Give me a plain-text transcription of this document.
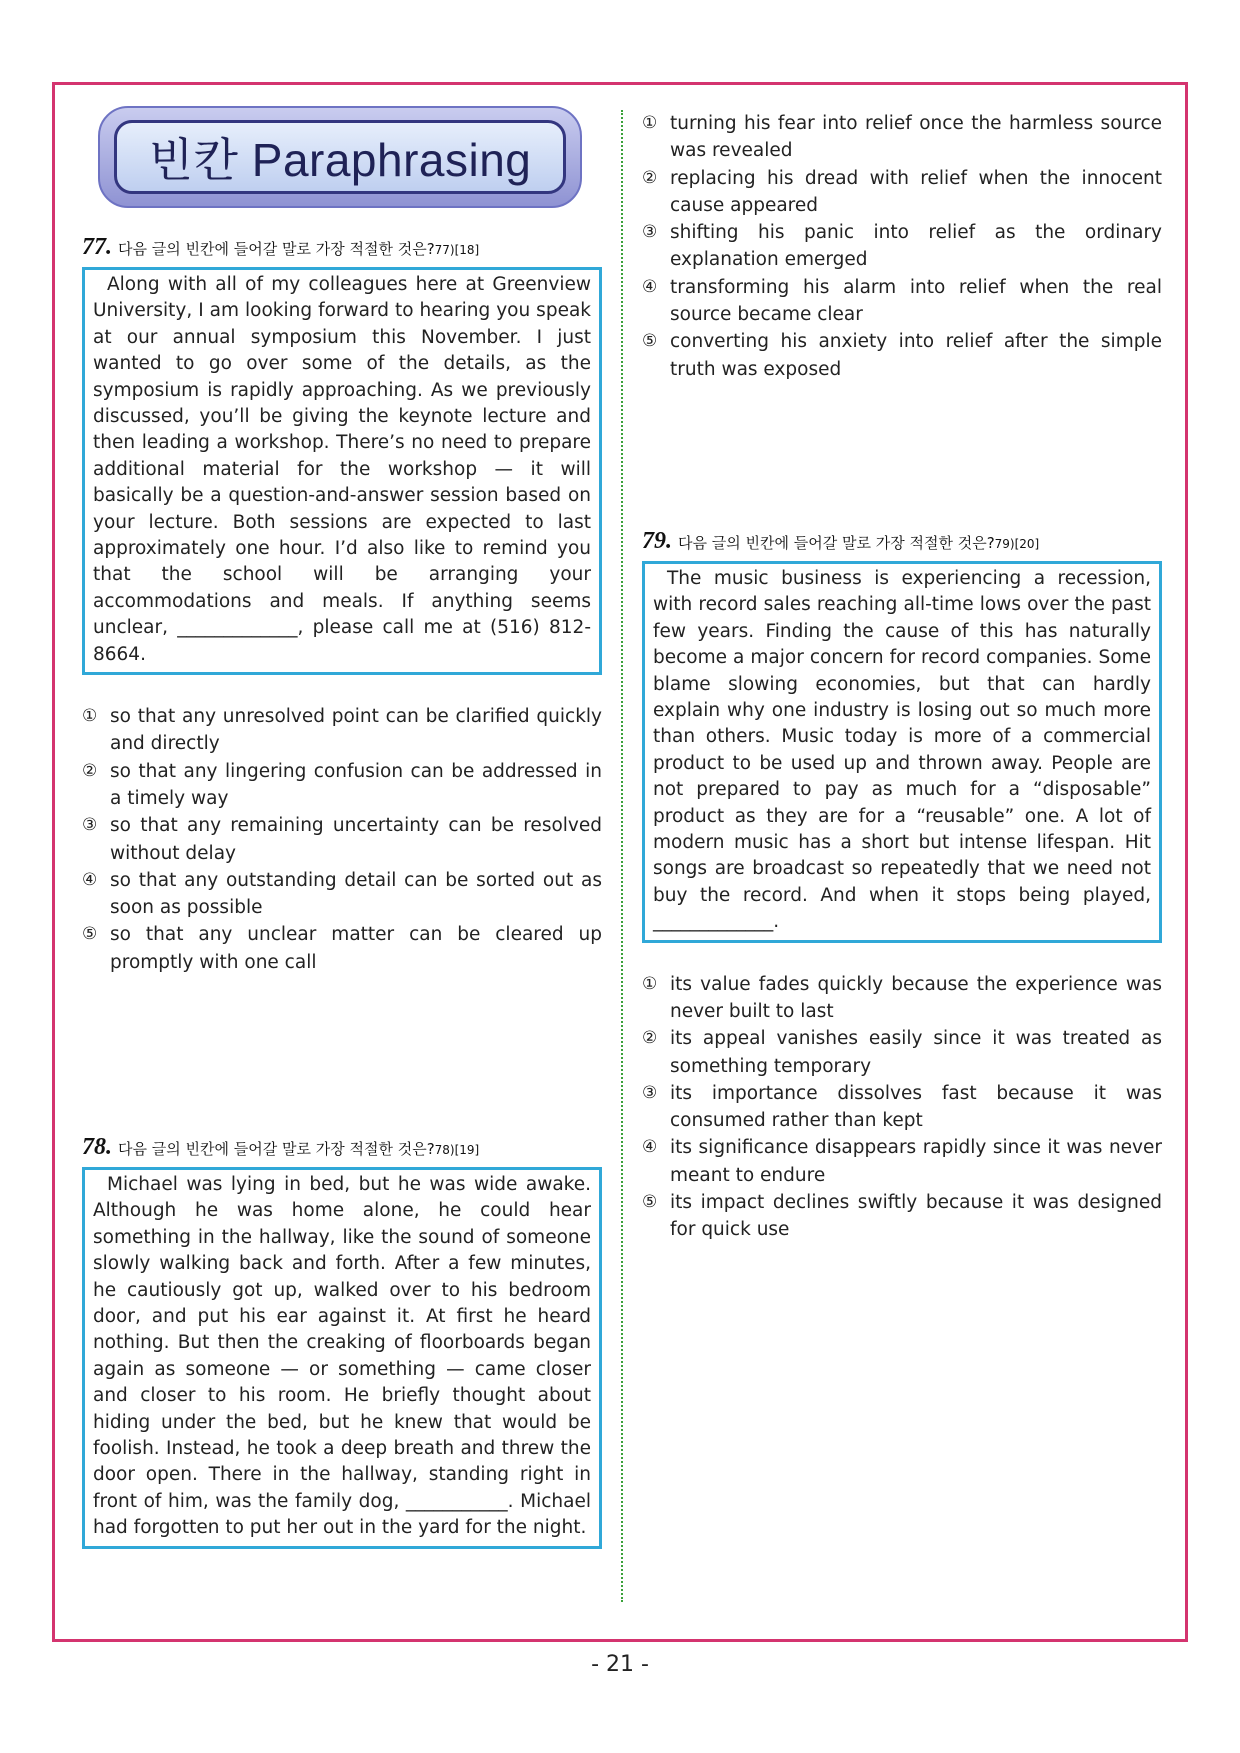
빈칸 Paraphrasing
77. 다음 글의 빈칸에 들어갈 말로 가장 적절한 것은? 77)[18]
Along with all of my colleagues here at Greenview University, I am looking forward to hearing you speak at our annual symposium this November. I just wanted to go over some of the details, as the symposium is rapidly approaching. As we previously discussed, you’ll be giving the keynote lecture and then leading a workshop. There’s no need to prepare additional material for the workshop — it will basically be a question-and-answer session based on your lecture. Both sessions are expected to last approximately one hour. I’d also like to remind you that the school will be arranging your accommodations and meals. If anything seems unclear, _____________, please call me at (516) 812-8664.
① so that any unresolved point can be clarified quickly and directly
② so that any lingering confusion can be addressed in a timely way
③ so that any remaining uncertainty can be resolved without delay
④ so that any outstanding detail can be sorted out as soon as possible
⑤ so that any unclear matter can be cleared up promptly with one call
78. 다음 글의 빈칸에 들어갈 말로 가장 적절한 것은? 78)[19]
Michael was lying in bed, but he was wide awake. Although he was home alone, he could hear something in the hallway, like the sound of someone slowly walking back and forth. After a few minutes, he cautiously got up, walked over to his bedroom door, and put his ear against it. At first he heard nothing. But then the creaking of floorboards began again as someone — or something — came closer and closer to his room. He briefly thought about hiding under the bed, but he knew that would be foolish. Instead, he took a deep breath and threw the door open. There in the hallway, standing right in front of him, was the family dog, ___________. Michael had forgotten to put her out in the yard for the night.
① turning his fear into relief once the harmless source was revealed
② replacing his dread with relief when the innocent cause appeared
③ shifting his panic into relief as the ordinary explanation emerged
④ transforming his alarm into relief when the real source became clear
⑤ converting his anxiety into relief after the simple truth was exposed
79. 다음 글의 빈칸에 들어갈 말로 가장 적절한 것은? 79)[20]
The music business is experiencing a recession, with record sales reaching all-time lows over the past few years. Finding the cause of this has naturally become a major concern for record companies. Some blame slowing economies, but that can hardly explain why one industry is losing out so much more than others. Music today is more of a commercial product to be used up and thrown away. People are not prepared to pay as much for a “disposable” product as they are for a “reusable” one. A lot of modern music has a short but intense lifespan. Hit songs are broadcast so repeatedly that we need not buy the record. And when it stops being played, _____________.
① its value fades quickly because the experience was never built to last
② its appeal vanishes easily since it was treated as something temporary
③ its importance dissolves fast because it was consumed rather than kept
④ its significance disappears rapidly since it was never meant to endure
⑤ its impact declines swiftly because it was designed for quick use
- 21 -
